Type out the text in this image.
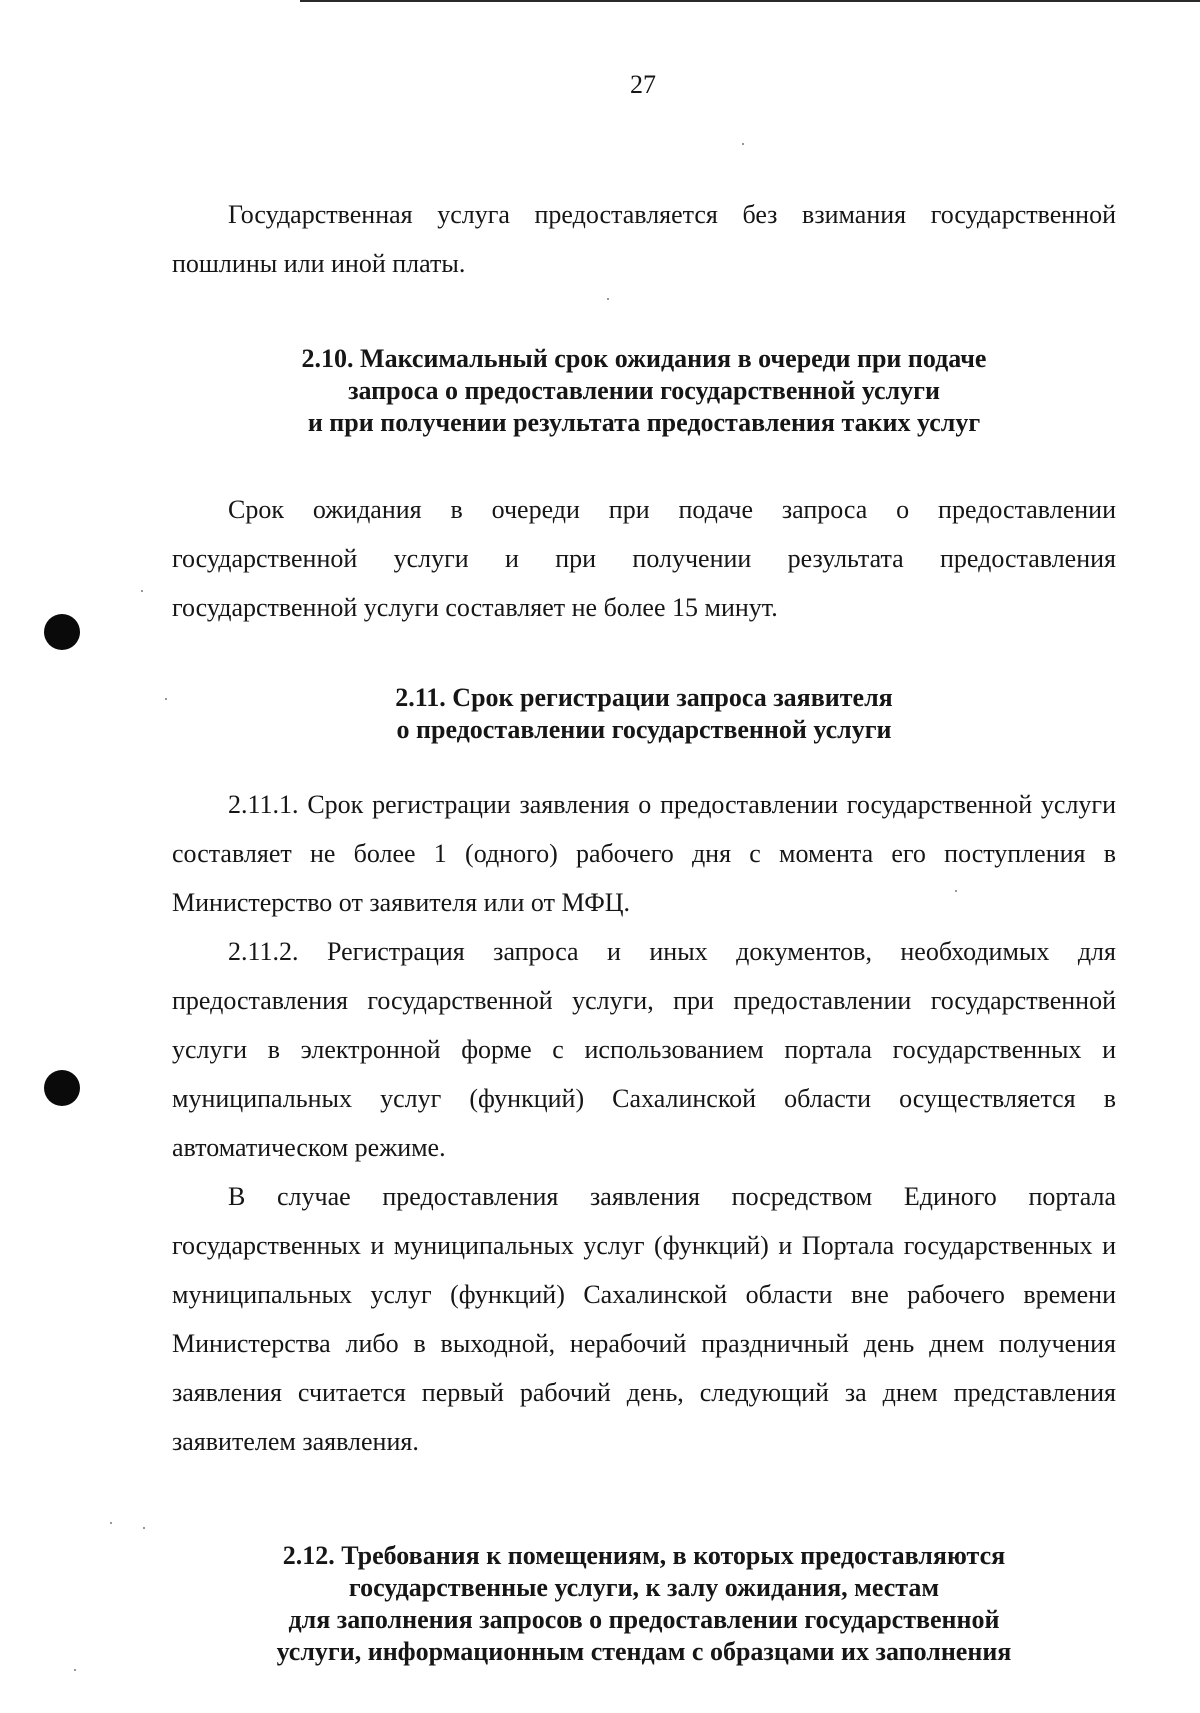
27

Государственная услуга предоставляется без взимания государственной пошлины или иной платы.

2.10. Максимальный срок ожидания в очереди при подаче
запроса о предоставлении государственной услуги
и при получении результата предоставления таких услуг

Срок ожидания в очереди при подаче запроса о предоставлении государственной услуги и при получении результата предоставления государственной услуги составляет не более 15 минут.

2.11. Срок регистрации запроса заявителя
о предоставлении государственной услуги

2.11.1. Срок регистрации заявления о предоставлении государственной услуги составляет не более 1 (одного) рабочего дня с момента его поступления в Министерство от заявителя или от МФЦ.

2.11.2. Регистрация запроса и иных документов, необходимых для предоставления государственной услуги, при предоставлении государственной услуги в электронной форме с использованием портала государственных и муниципальных услуг (функций) Сахалинской области осуществляется в автоматическом режиме.

В случае предоставления заявления посредством Единого портала государственных и муниципальных услуг (функций) и Портала государственных и муниципальных услуг (функций) Сахалинской области вне рабочего времени Министерства либо в выходной, нерабочий праздничный день днем получения заявления считается первый рабочий день, следующий за днем представления заявителем заявления.

2.12. Требования к помещениям, в которых предоставляются
государственные услуги, к залу ожидания, местам
для заполнения запросов о предоставлении государственной
услуги, информационным стендам с образцами их заполнения
